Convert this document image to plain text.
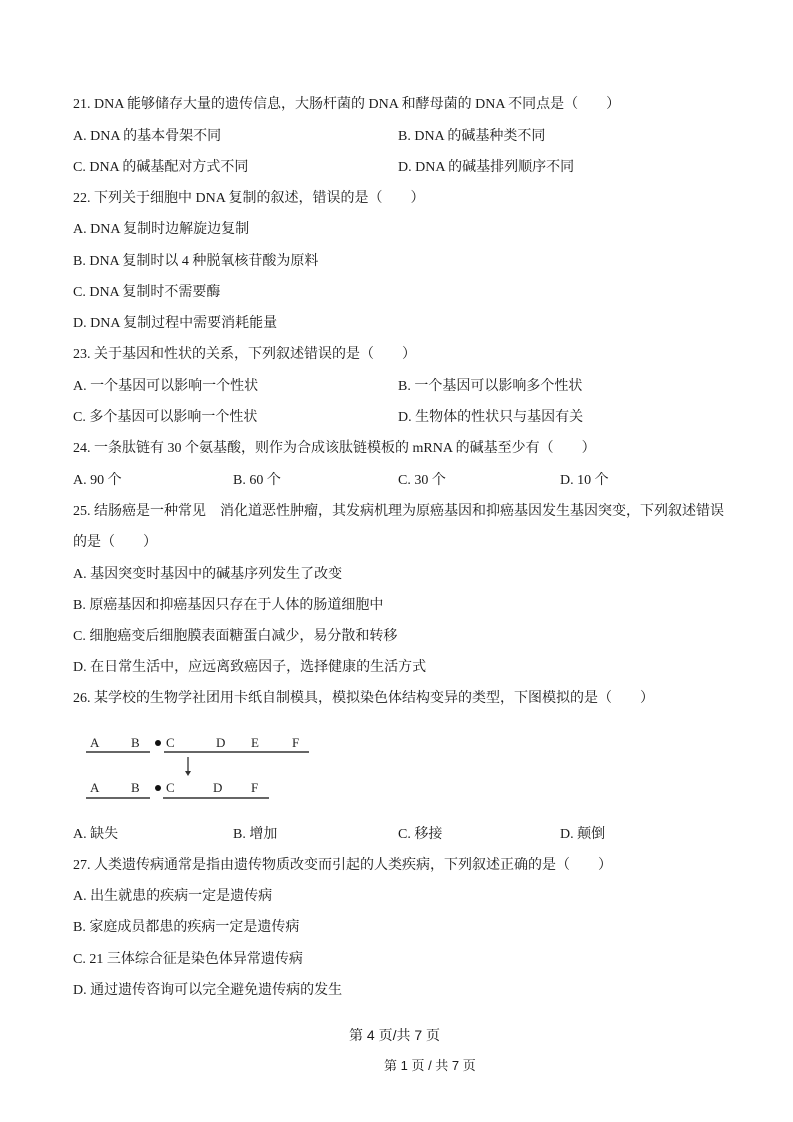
21. DNA 能够储存大量的遗传信息，大肠杆菌的 DNA 和酵母菌的 DNA 不同点是（　　）
A. DNA 的基本骨架不同	B. DNA 的碱基种类不同
C. DNA 的碱基配对方式不同	D. DNA 的碱基排列顺序不同
22. 下列关于细胞中 DNA 复制的叙述，错误的是（　　）
A. DNA 复制时边解旋边复制
B. DNA 复制时以 4 种脱氧核苷酸为原料
C. DNA 复制时不需要酶
D. DNA 复制过程中需要消耗能量
23. 关于基因和性状的关系，下列叙述错误的是（　　）
A. 一个基因可以影响一个性状	B. 一个基因可以影响多个性状
C. 多个基因可以影响一个性状	D. 生物体的性状只与基因有关
24. 一条肽链有 30 个氨基酸，则作为合成该肽链模板的 mRNA 的碱基至少有（　　）
A. 90 个	B. 60 个	C. 30 个	D. 10 个
25. 结肠癌是一种常见　消化道恶性肿瘤，其发病机理为原癌基因和抑癌基因发生基因突变，下列叙述错误
的是（　　）
A. 基因突变时基因中的碱基序列发生了改变
B. 原癌基因和抑癌基因只存在于人体的肠道细胞中
C. 细胞癌变后细胞膜表面糖蛋白减少，易分散和转移
D. 在日常生活中，应远离致癌因子，选择健康的生活方式
26. 某学校的生物学社团用卡纸自制模具，模拟染色体结构变异的类型，下图模拟的是（　　）
A B C	D E	F
A B C	D F
A. 缺失	B. 增加	C. 移接	D. 颠倒
27. 人类遗传病通常是指由遗传物质改变而引起的人类疾病，下列叙述正确的是（　　）
A. 出生就患的疾病一定是遗传病
B. 家庭成员都患的疾病一定是遗传病
C. 21 三体综合征是染色体异常遗传病
D. 通过遗传咨询可以完全避免遗传病的发生
第 4 页/共 7 页
第 1 页 / 共 7 页
